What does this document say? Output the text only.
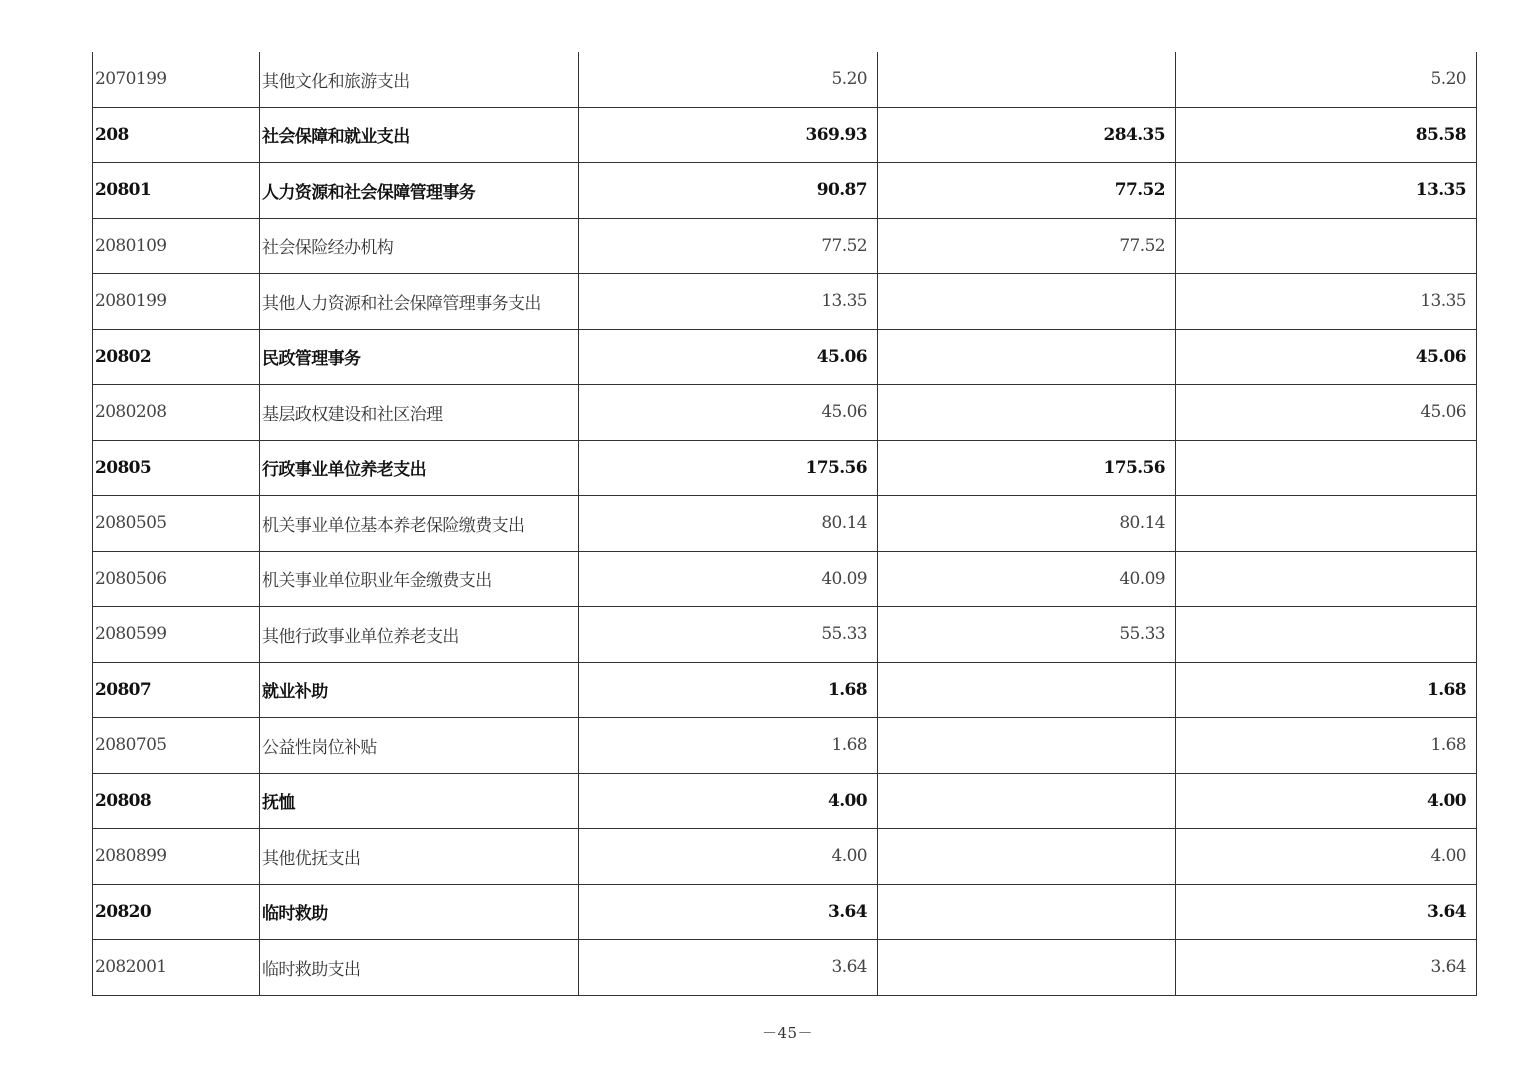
2070199	其他文化和旅游支出	5.20		5.20
208	社会保障和就业支出	369.93	284.35	85.58
20801	人力资源和社会保障管理事务	90.87	77.52	13.35
2080109	社会保险经办机构	77.52	77.52	
2080199	其他人力资源和社会保障管理事务支出	13.35		13.35
20802	民政管理事务	45.06		45.06
2080208	基层政权建设和社区治理	45.06		45.06
20805	行政事业单位养老支出	175.56	175.56	
2080505	机关事业单位基本养老保险缴费支出	80.14	80.14	
2080506	机关事业单位职业年金缴费支出	40.09	40.09	
2080599	其他行政事业单位养老支出	55.33	55.33	
20807	就业补助	1.68		1.68
2080705	公益性岗位补贴	1.68		1.68
20808	抚恤	4.00		4.00
2080899	其他优抚支出	4.00		4.00
20820	临时救助	3.64		3.64
2082001	临时救助支出	3.64		3.64
－45－
